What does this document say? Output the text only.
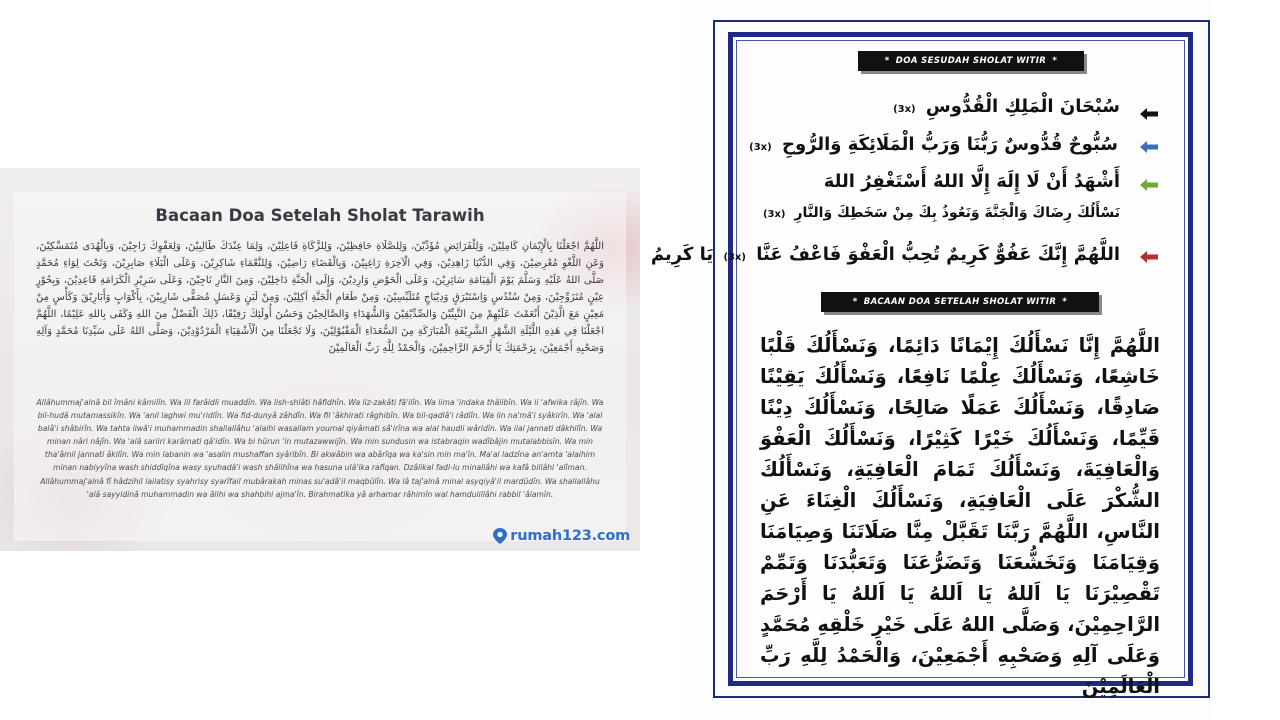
Bacaan Doa Setelah Sholat Tarawih

اللَّهُمَّ اجْعَلْنَا بِالْإِيْمَانِ كَامِلِيْنَ، وَلِلْفَرَائِضِ مُؤَدِّيْنَ، وَلِلصَّلَاةِ حَافِظِيْنَ، وَلِلزَّكَاةِ فَاعِلِيْنَ، وَلِمَا عِنْدَكَ طَالِبِيْنَ، وَلِعَفْوِكَ رَاجِيْنَ، وَبِالْهُدَى مُتَمَسِّكِيْنَ، وَعَنِ اللَّغْوِ مُعْرِضِيْنَ، وَفِي الدُّنْيَا زَاهِدِيْنَ، وَفِي الْآخِرَةِ رَاغِبِيْنَ، وَبِالْقَضَاءِ رَاضِيْنَ، وَلِلنَّعْمَاءِ شَاكِرِيْنَ، وَعَلَى الْبَلَاءِ صَابِرِيْنَ، وَتَحْتَ لِوَاءِ مُحَمَّدٍ صَلَّى اللهُ عَلَيْهِ وَسَلَّمَ يَوْمَ الْقِيَامَةِ سَائِرِيْنَ، وَعَلَى الْحَوْضِ وَارِدِيْنَ، وَإِلَى الْجَنَّةِ دَاخِلِيْنَ، وَمِنَ النَّارِ نَاجِيْنَ، وَعَلَى سَرِيْرِ الْكَرَامَةِ قَاعِدِيْنَ، وَبِحُوْرٍ عِيْنٍ مُتَزَوِّجِيْنَ، وَمِنْ سُنْدُسٍ وَاِسْتَبْرَقٍ وَدِيْبَاجٍ مُتَلَبِّسِيْنَ، وَمِنْ طَعَامِ الْجَنَّةِ آكِلِيْنَ، وَمِنْ لَبَنٍ وَعَسَلٍ مُصَفًّى شَارِبِيْنَ، بِأَكْوَابٍ وَأَبَارِيْقَ وَكَأْسٍ مِنْ مَعِيْنٍ مَعَ الَّذِيْنَ أَنْعَمْتَ عَلَيْهِمْ مِنَ النَّبِيِّيْنَ وَالصِّدِّيْقِيْنَ وَالشُّهَدَاءِ وَالصَّالِحِيْنَ وَحَسُنَ أُولَئِكَ رَفِيْقًا، ذَلِكَ الْفَضْلُ مِنَ اللهِ وَكَفَى بِاللهِ عَلِيْمًا، اللَّهُمَّ اجْعَلْنَا فِي هَذِهِ اللَّيْلَةِ الشَّهْرِ الشَّرِيْفَةِ الْمُبَارَكَةِ مِنَ السُّعَدَاءِ الْمَقْبُوْلِيْنَ، وَلَا تَجْعَلْنَا مِنَ الْأَشْقِيَاءِ الْمَرْدُوْدِيْنَ، وَصَلَّى اللهُ عَلَى سَيِّدِنَا مُحَمَّدٍ وَآلِهِ وَصَحْبِهِ أَجْمَعِيْنَ، بِرَحْمَتِكَ يَا أَرْحَمَ الرَّاحِمِيْنَ، وَالْحَمْدُ لِلَّهِ رَبِّ الْعَالَمِيْنَ

Allâhummaj'alnâ bil îmâni kâmilîn. Wa lil farâidli muaddîn. Wa lish-shlâti hâfidhîn. Wa liz-zakâti fâ'ilîn. Wa lima 'indaka thâlibîn. Wa li 'afwika râjîn. Wa bil-hudâ mutamassikîn. Wa 'anil laghwi mu'ridlîn. Wa fid-dunyâ zâhdîn. Wa fil 'âkhirati râghibîn. Wa bil-qadlâ'i râdlîn. Wa lin na'mâ'i syâkirîn. Wa 'alal balâ'i shâbirîn. Wa tahta liwâ'i muhammadin shallallâhu 'alaihi wasallam youmal qiyâmati sâ'irîna wa alal haudli wâridîn. Wa ilal jannati dâkhilîn. Wa minan nâri nâjîn. Wa 'alâ sariiri karâmati qâ'idîn. Wa bi hûrun 'in mutazawwijîn. Wa min sundusin wa istabraqin wadîbâjin mutalabbisîn. Wa min tha'âmil jannati âkilîn. Wa min labanin wa 'asalin mushaffan syâribîn. Bi akwâbin wa abârîqa wa ka'sin min ma'în. Ma'al ladzîna an'amta 'alaihim minan nabiyyîna wash shiddîqîna wasy syuhadâ'i wash shâlihîna wa hasuna ulâ'ika rafîqan. Dzâlikal fadl-lu minallâhi wa kafâ billâhi 'alîman. Allâhummaj'alnâ fî hâdzihil lailatisy syahrisy syarîfail mubârakah minas su'adâ'il maqbûlîn. Wa lâ taj'alnâ minal asyqiyâ'il mardûdîn. Wa shallallâhu 'alâ sayyidinâ muhammadin wa âlihi wa shahbihi ajma'în. Birahmatika yâ arhamar râhimîn wal hamdulillâhi rabbil 'âlamîn.

rumah123.com
* DOA SESUDAH SHOLAT WITIR *
سُبْحَانَ الْمَلِكِ الْقُدُّوسِ (3x)
سُبُّوحٌ قُدُّوسٌ رَبُّنَا وَرَبُّ الْمَلَائِكَةِ وَالرُّوحِ (3x)
أَشْهَدُ أَنْ لَا إِلَهَ إِلَّا اللهُ أَسْتَغْفِرُ اللهَ
نَسْأَلُكَ رِضَاكَ وَالْجَنَّةَ وَنَعُوذُ بِكَ مِنْ سَخَطِكَ وَالنَّارِ (3x)
اللَّهُمَّ إِنَّكَ عَفُوٌّ كَرِيمٌ تُحِبُّ الْعَفْوَ فَاعْفُ عَنَّا (3x) يَا كَرِيمُ
* BACAAN DOA SETELAH SHOLAT WITIR *

اللَّهُمَّ إِنَّا نَسْأَلُكَ إِيْمَانًا دَائِمًا، وَنَسْأَلُكَ قَلْبًا خَاشِعًا، وَنَسْأَلُكَ عِلْمًا نَافِعًا، وَنَسْأَلُكَ يَقِيْنًا صَادِقًا، وَنَسْأَلُكَ عَمَلًا صَالِحًا، وَنَسْأَلُكَ دِيْنًا قَيِّمًا، وَنَسْأَلُكَ خَيْرًا كَثِيْرًا، وَنَسْأَلُكَ الْعَفْوَ وَالْعَافِيَةَ، وَنَسْأَلُكَ تَمَامَ الْعَافِيَةِ، وَنَسْأَلُكَ الشُّكْرَ عَلَى الْعَافِيَةِ، وَنَسْأَلُكَ الْغِنَاءَ عَنِ النَّاسِ، اللَّهُمَّ رَبَّنَا تَقَبَّلْ مِنَّا صَلَاتَنَا وَصِيَامَنَا وَقِيَامَنَا وَتَخَشُّعَنَا وَتَضَرُّعَنَا وَتَعَبُّدَنَا وَتَمِّمْ تَقْصِيْرَنَا يَا اَللهُ يَا اَللهُ يَا اَللهُ يَا أَرْحَمَ الرَّاحِمِيْنَ، وَصَلَّى اللهُ عَلَى خَيْرِ خَلْقِهِ مُحَمَّدٍ وَعَلَى آلِهِ وَصَحْبِهِ أَجْمَعِيْنَ، وَالْحَمْدُ لِلَّهِ رَبِّ الْعَالَمِيْنَ
